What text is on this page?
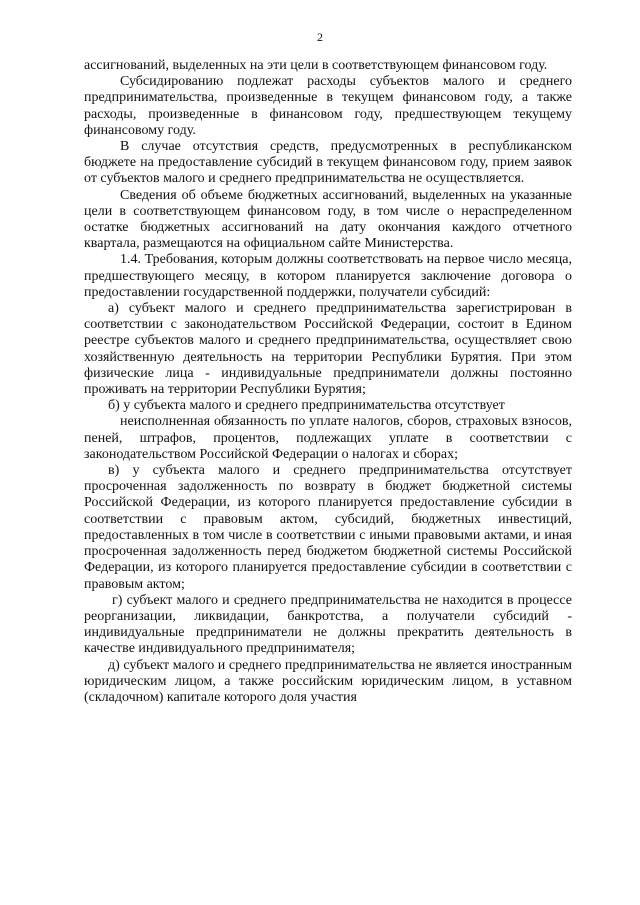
2

ассигнований, выделенных на эти цели в соответствующем финансовом году.

Субсидированию подлежат расходы субъектов малого и среднего предпринимательства, произведенные в текущем финансовом году, а также расходы, произведенные в финансовом году, предшествующем текущему финансовому году.

В случае отсутствия средств, предусмотренных в республиканском бюджете на предоставление субсидий в текущем финансовом году, прием заявок от субъектов малого и среднего предпринимательства не осуществляется.

Сведения об объеме бюджетных ассигнований, выделенных на указанные цели в соответствующем финансовом году, в том числе о нераспределенном остатке бюджетных ассигнований на дату окончания каждого отчетного квартала, размещаются на официальном сайте Министерства.

1.4. Требования, которым должны соответствовать на первое число месяца, предшествующего месяцу, в котором планируется заключение договора о предоставлении государственной поддержки, получатели субсидий:

а) субъект малого и среднего предпринимательства зарегистрирован в соответствии с законодательством Российской Федерации, состоит в Едином реестре субъектов малого и среднего предпринимательства, осуществляет свою хозяйственную деятельность на территории Республики Бурятия. При этом физические лица - индивидуальные предприниматели должны постоянно проживать на территории Республики Бурятия;

б) у субъекта малого и среднего предпринимательства отсутствует

неисполненная обязанность по уплате налогов, сборов, страховых взносов, пеней, штрафов, процентов, подлежащих уплате в соответствии с законодательством Российской Федерации о налогах и сборах;

в) у субъекта малого и среднего предпринимательства отсутствует просроченная задолженность по возврату в бюджет бюджетной системы Российской Федерации, из которого планируется предоставление субсидии в соответствии с правовым актом, субсидий, бюджетных инвестиций, предоставленных в том числе в соответствии с иными правовыми актами, и иная просроченная задолженность перед бюджетом бюджетной системы Российской Федерации, из которого планируется предоставление субсидии в соответствии с правовым актом;

г) субъект малого и среднего предпринимательства не находится в процессе реорганизации, ликвидации, банкротства, а получатели субсидий - индивидуальные предприниматели не должны прекратить деятельность в качестве индивидуального предпринимателя;

д) субъект малого и среднего предпринимательства не является иностранным юридическим лицом, а также российским юридическим лицом, в уставном (складочном) капитале которого доля участия
